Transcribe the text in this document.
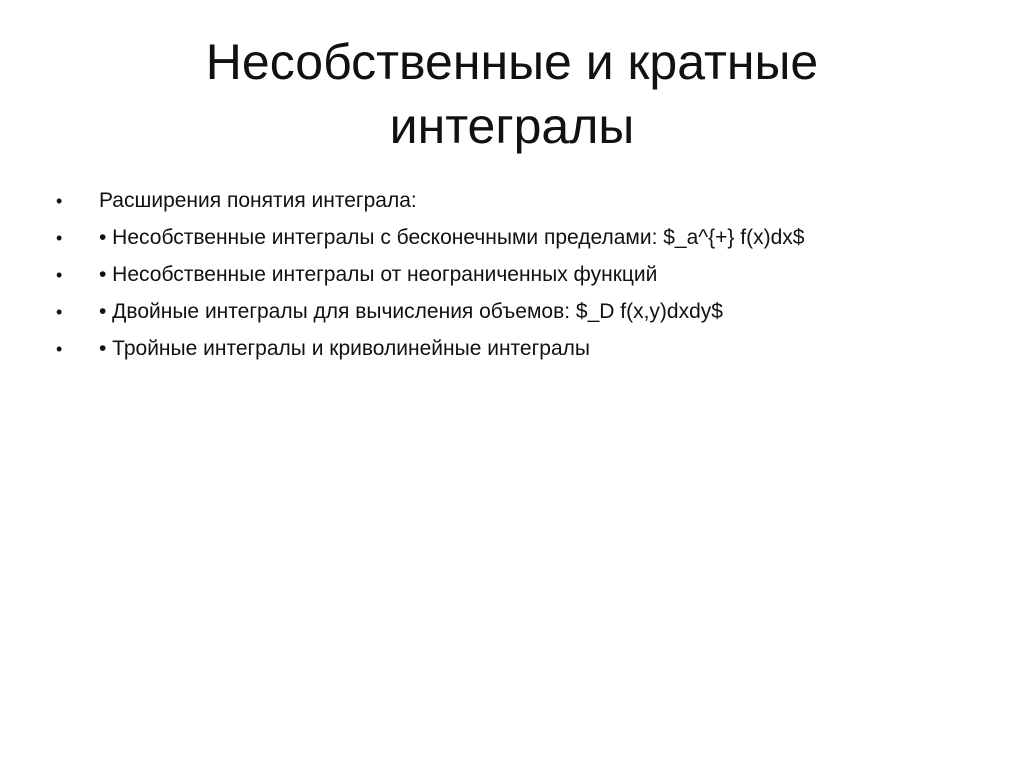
Несобственные и кратные
интегралы
•	Расширения понятия интеграла:
•	• Несобственные интегралы с бесконечными пределами: $_a^{+} f(x)dx$
•	• Несобственные интегралы от неограниченных функций
•	• Двойные интегралы для вычисления объемов: $_D f(x,y)dxdy$
•	• Тройные интегралы и криволинейные интегралы
